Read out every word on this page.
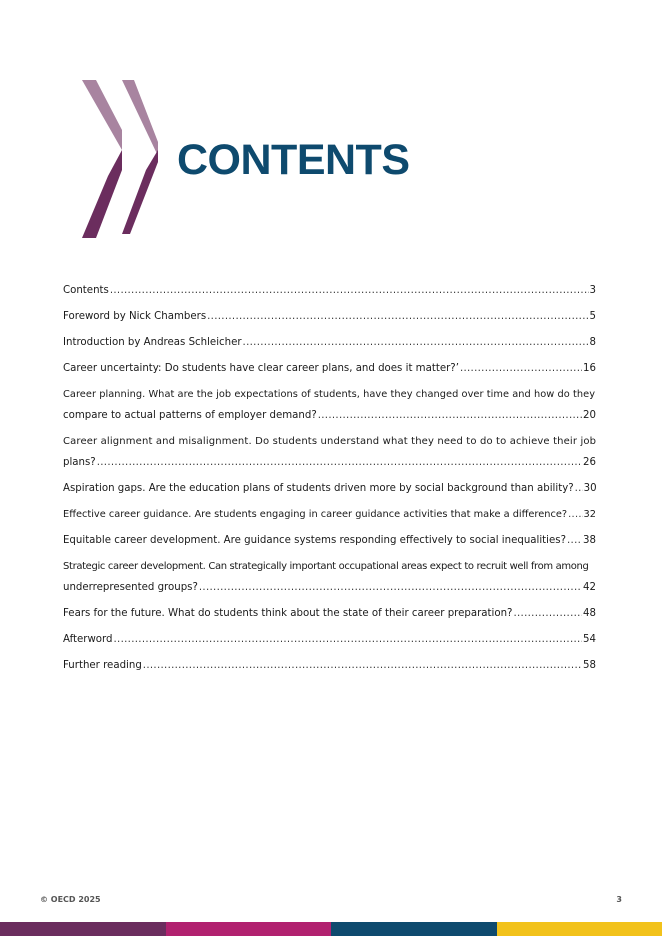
CONTENTS
Contents .....	3
Foreword by Nick Chambers .....	5
Introduction by Andreas Schleicher .....	8
Career uncertainty: Do students have clear career plans, and does it matter?’ .....	16
Career planning. What are the job expectations of students, have they changed over time and how do they
compare to actual patterns of employer demand? .....	20
Career alignment and misalignment. Do students understand what they need to do to achieve their job
plans? .....	26
Aspiration gaps. Are the education plans of students driven more by social background than ability? ..... 30
Effective career guidance. Are students engaging in career guidance activities that make a difference? ..... 32
Equitable career development. Are guidance systems responding effectively to social inequalities? ..... 38
Strategic career development. Can strategically important occupational areas expect to recruit well from among
underrepresented groups? .....	42
Fears for the future. What do students think about the state of their career preparation? .....	48
Afterword .....	54
Further reading .....	58
© OECD 2025	3
